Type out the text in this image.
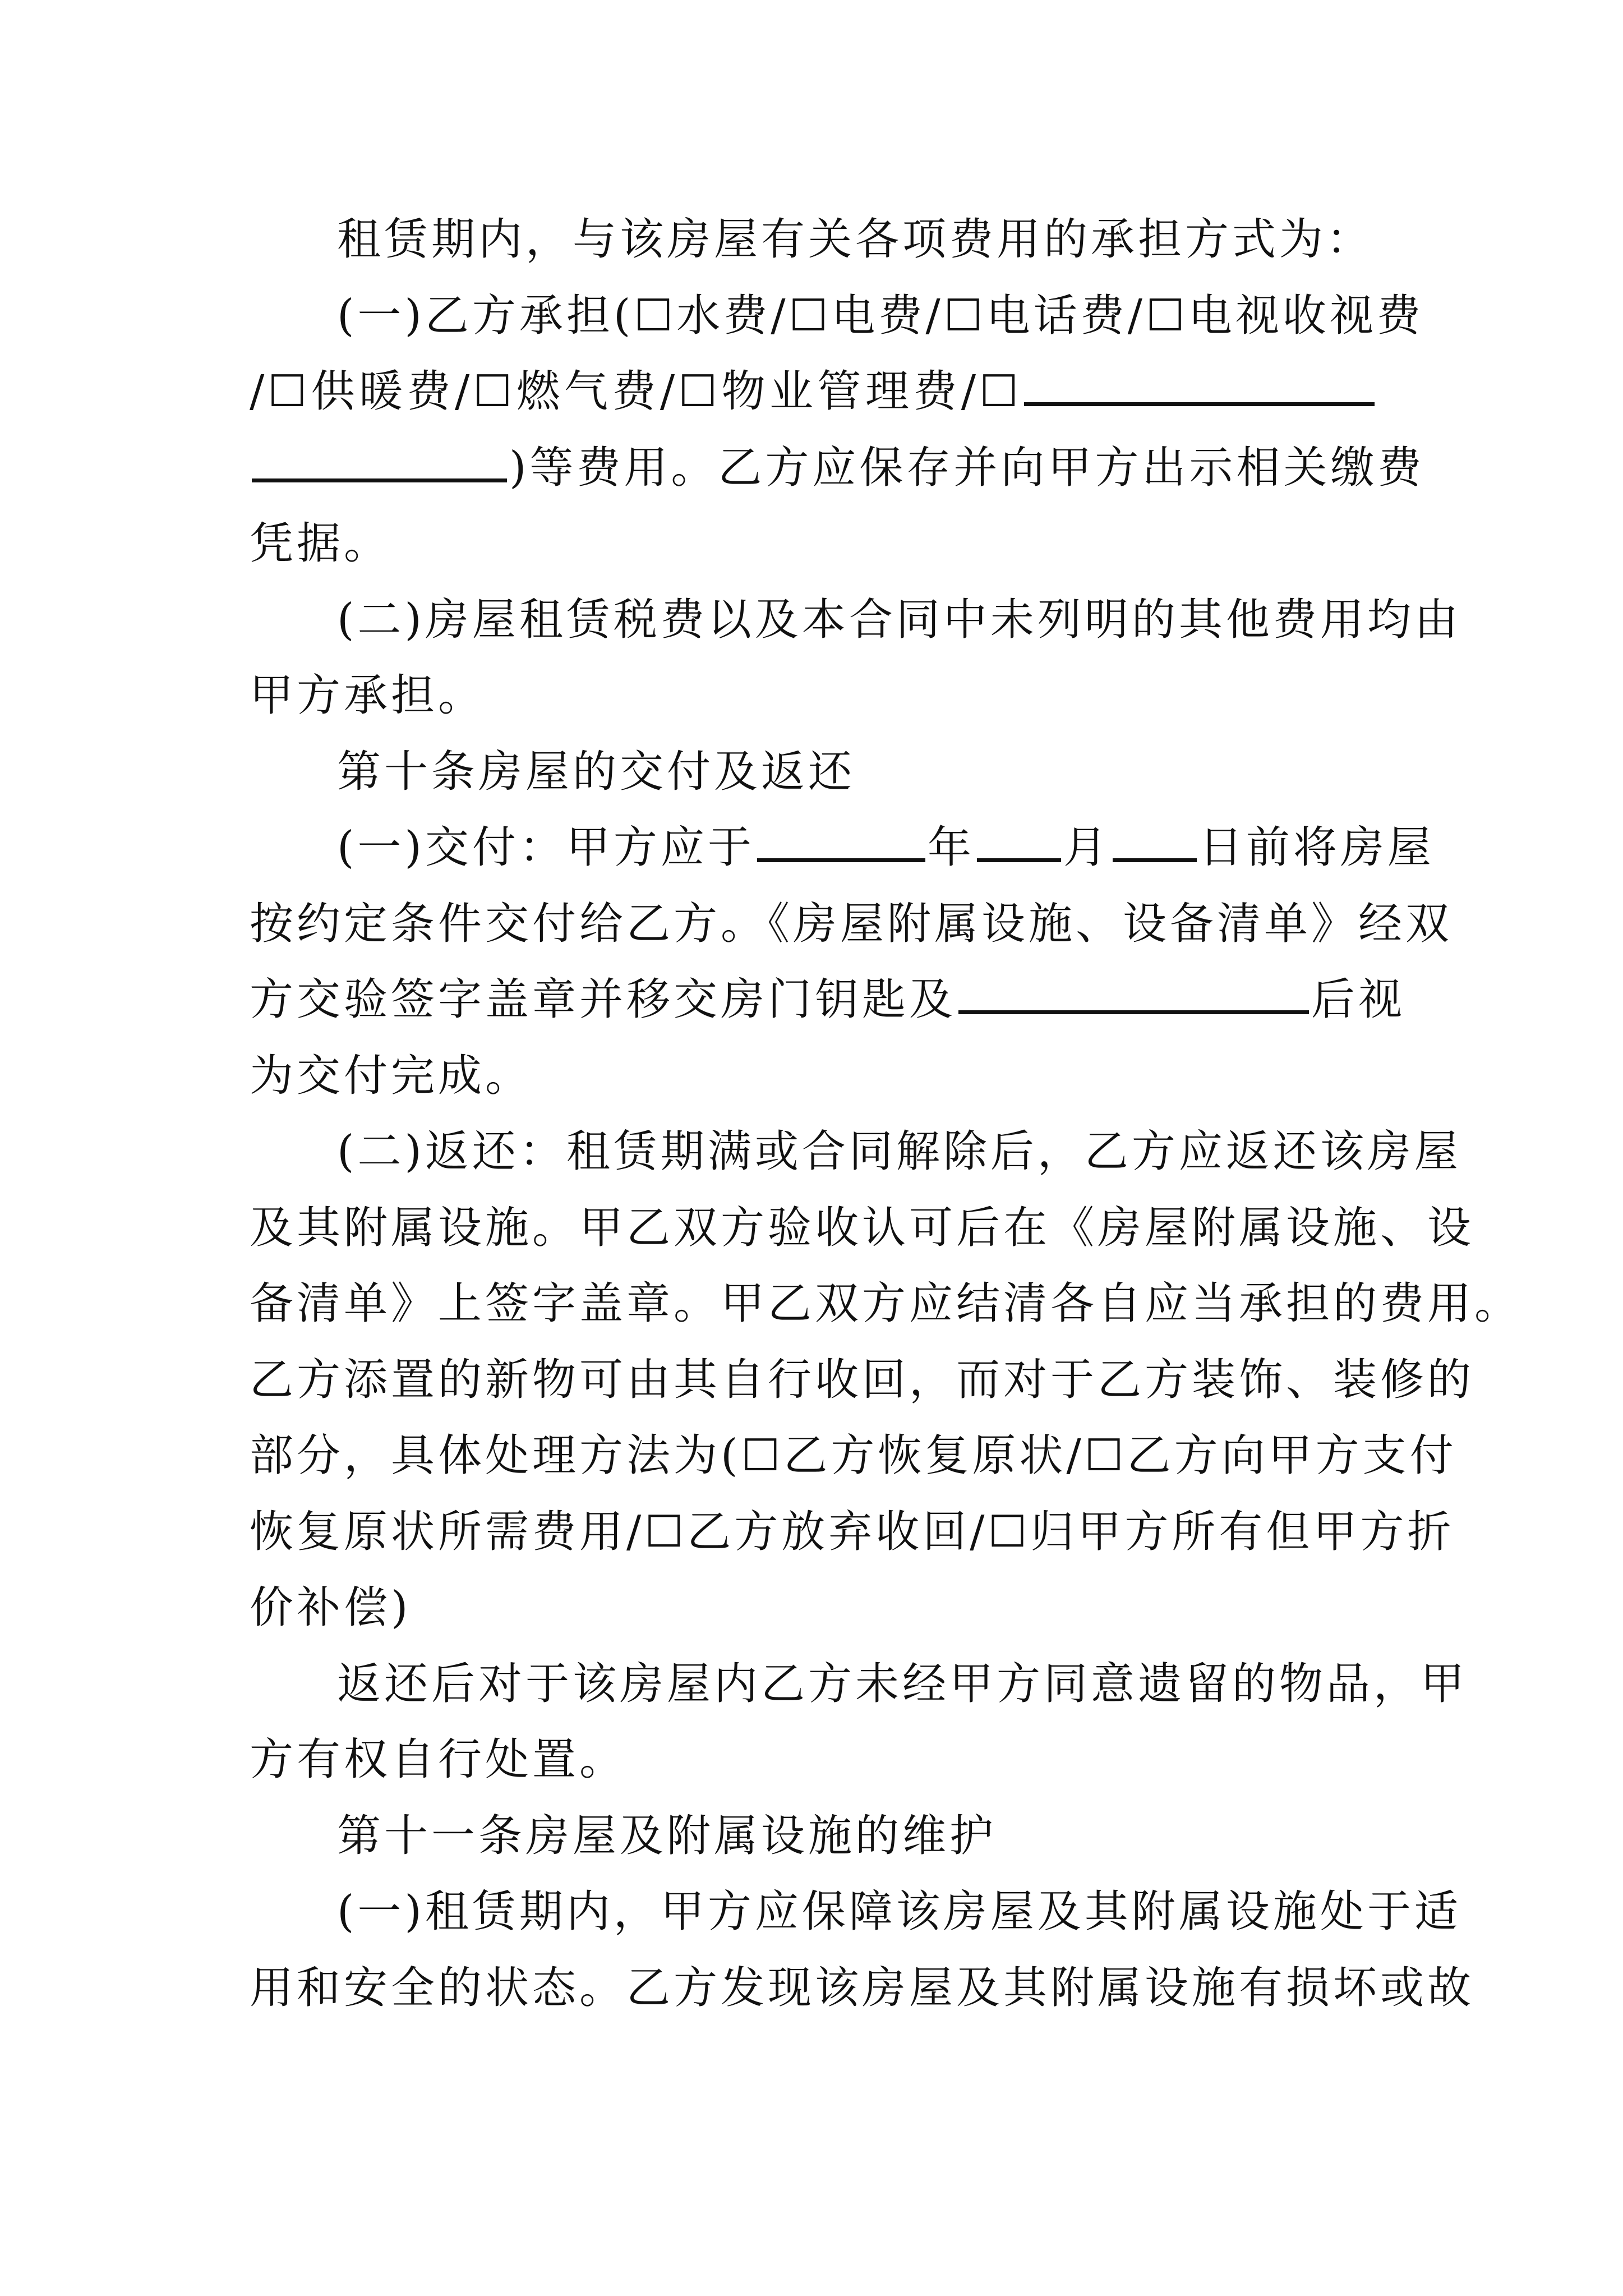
租赁期内，与该房屋有关各项费用的承担方式为：
(一)乙方承担(☐水费/☐电费/☐电话费/☐电视收视费
/☐供暖费/☐燃气费/☐物业管理费/☐
)等费用。乙方应保存并向甲方出示相关缴费
凭据。
(二)房屋租赁税费以及本合同中未列明的其他费用均由
甲方承担。
第十条房屋的交付及返还
(一)交付：甲方应于	年 月 日前将房屋
按约定条件交付给乙方。《房屋附属设施、设备清单》经双
方交验签字盖章并移交房门钥匙及	后视
为交付完成。
(二)返还：租赁期满或合同解除后，乙方应返还该房屋
及其附属设施。甲乙双方验收认可后在《房屋附属设施、设
备清单》上签字盖章。甲乙双方应结清各自应当承担的费用。
乙方添置的新物可由其自行收回，而对于乙方装饰、装修的
部分，具体处理方法为(☐乙方恢复原状/☐乙方向甲方支付
恢复原状所需费用/☐乙方放弃收回/☐归甲方所有但甲方折
价补偿)
返还后对于该房屋内乙方未经甲方同意遗留的物品，甲
方有权自行处置。
第十一条房屋及附属设施的维护
(一)租赁期内，甲方应保障该房屋及其附属设施处于适
用和安全的状态。乙方发现该房屋及其附属设施有损坏或故
